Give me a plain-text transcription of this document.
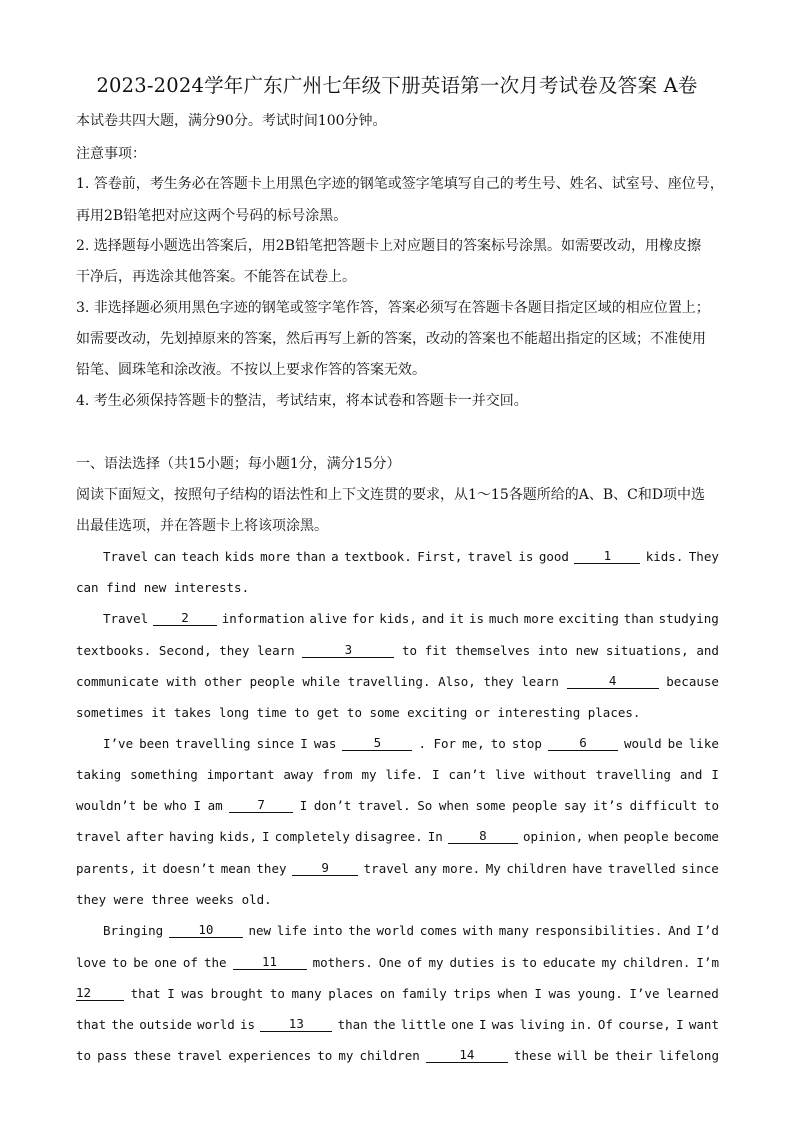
2023-2024学年广东广州七年级下册英语第一次月考试卷及答案 A卷
本试卷共四大题，满分90分。考试时间100分钟。
注意事项：
1. 答卷前，考生务必在答题卡上用黑色字迹的钢笔或签字笔填写自己的考生号、姓名、试室号、座位号，
再用2B铅笔把对应这两个号码的标号涂黑。
2. 选择题每小题选出答案后，用2B铅笔把答题卡上对应题目的答案标号涂黑。如需要改动，用橡皮擦
干净后，再选涂其他答案。不能答在试卷上。
3. 非选择题必须用黑色字迹的钢笔或签字笔作答，答案必须写在答题卡各题目指定区域的相应位置上；
如需要改动，先划掉原来的答案，然后再写上新的答案，改动的答案也不能超出指定的区域；不准使用
铅笔、圆珠笔和涂改液。不按以上要求作答的答案无效。
4. 考生必须保持答题卡的整洁，考试结束，将本试卷和答题卡一并交回。
一、语法选择（共15小题；每小题1分，满分15分）
阅读下面短文，按照句子结构的语法性和上下文连贯的要求，从1～15各题所给的A、B、C和D项中选
出最佳选项，并在答题卡上将该项涂黑。
Travel can teach kids more than a textbook. First, travel is good	1	kids. They
can find new interests.
Travel	2	information alive for kids, and it is much more exciting than studying
textbooks. Second, they learn	3	to fit themselves into new situations, and
communicate with other people while travelling. Also, they learn	4	because
sometimes it takes long time to get to some exciting or interesting places.
I’ve been travelling since I was	5	. For me, to stop	6	would be like
taking something important away from my life. I can’t live without travelling and I
wouldn’t be who I am	7	I don’t travel. So when some people say it’s difficult to
travel after having kids, I completely disagree. In	8	opinion, when people become
parents, it doesn’t mean they	9	travel any more. My children have travelled since
they were three weeks old.
Bringing	10	new life into the world comes with many responsibilities. And I’d
love to be one of the	11	mothers. One of my duties is to educate my children. I’m
12	that I was brought to many places on family trips when I was young. I’ve learned
that the outside world is	13	than the little one I was living in. Of course, I want
to pass these travel experiences to my children	14	these will be their lifelong
